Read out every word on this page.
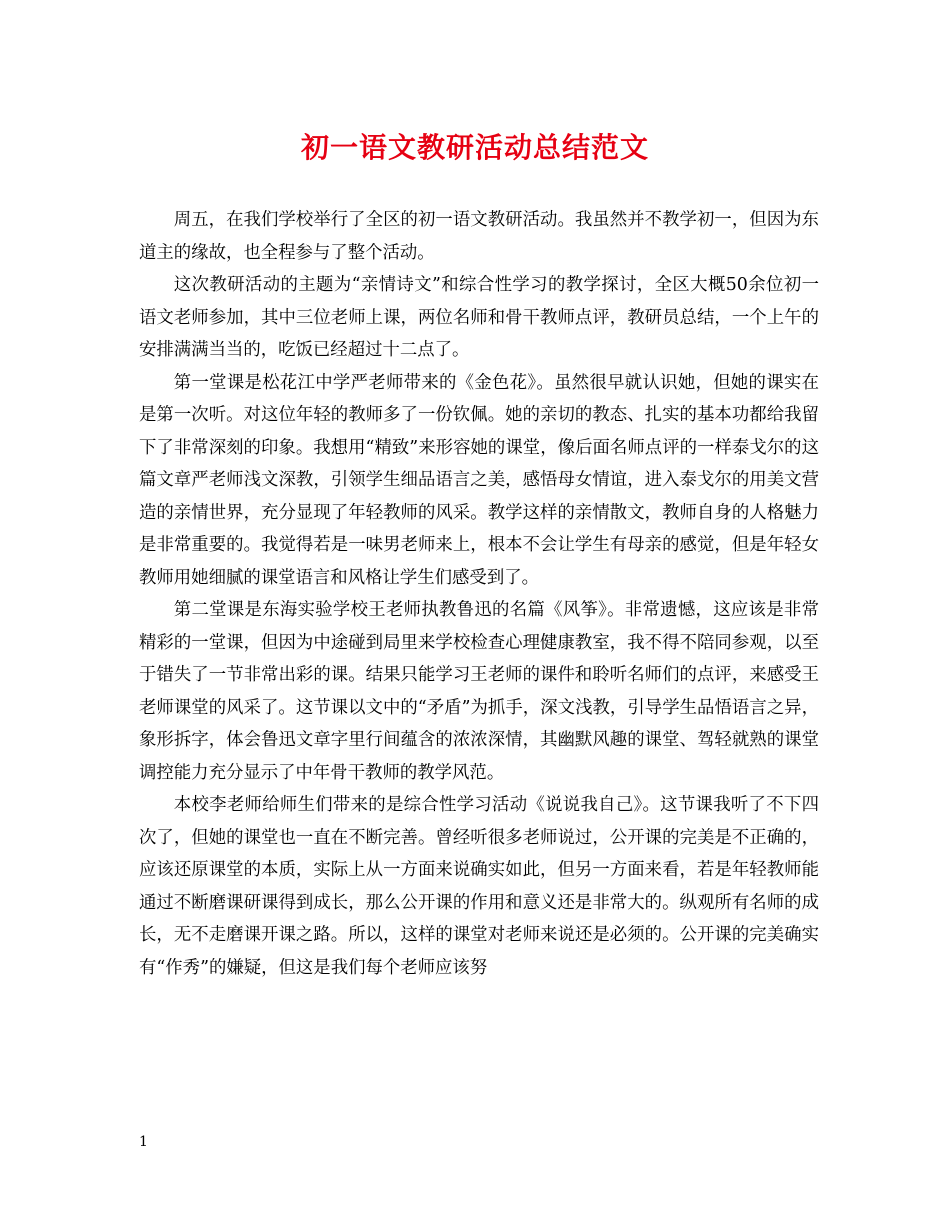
初一语文教研活动总结范文

周五，在我们学校举行了全区的初一语文教研活动。我虽然并不教学初一，但因为东道主的缘故，也全程参与了整个活动。

这次教研活动的主题为“亲情诗文”和综合性学习的教学探讨，全区大概50余位初一语文老师参加，其中三位老师上课，两位名师和骨干教师点评，教研员总结，一个上午的安排满满当当的，吃饭已经超过十二点了。

第一堂课是松花江中学严老师带来的《金色花》。虽然很早就认识她，但她的课实在是第一次听。对这位年轻的教师多了一份钦佩。她的亲切的教态、扎实的基本功都给我留下了非常深刻的印象。我想用“精致”来形容她的课堂，像后面名师点评的一样泰戈尔的这篇文章严老师浅文深教，引领学生细品语言之美，感悟母女情谊，进入泰戈尔的用美文营造的亲情世界，充分显现了年轻教师的风采。教学这样的亲情散文，教师自身的人格魅力是非常重要的。我觉得若是一味男老师来上，根本不会让学生有母亲的感觉，但是年轻女教师用她细腻的课堂语言和风格让学生们感受到了。

第二堂课是东海实验学校王老师执教鲁迅的名篇《风筝》。非常遗憾，这应该是非常精彩的一堂课，但因为中途碰到局里来学校检查心理健康教室，我不得不陪同参观，以至于错失了一节非常出彩的课。结果只能学习王老师的课件和聆听名师们的点评，来感受王老师课堂的风采了。这节课以文中的“矛盾”为抓手，深文浅教，引导学生品悟语言之异，象形拆字，体会鲁迅文章字里行间蕴含的浓浓深情，其幽默风趣的课堂、驾轻就熟的课堂调控能力充分显示了中年骨干教师的教学风范。

本校李老师给师生们带来的是综合性学习活动《说说我自己》。这节课我听了不下四次了，但她的课堂也一直在不断完善。曾经听很多老师说过，公开课的完美是不正确的，应该还原课堂的本质，实际上从一方面来说确实如此，但另一方面来看，若是年轻教师能通过不断磨课研课得到成长，那么公开课的作用和意义还是非常大的。纵观所有名师的成长，无不走磨课开课之路。所以，这样的课堂对老师来说还是必须的。公开课的完美确实有“作秀”的嫌疑，但这是我们每个老师应该努

1
